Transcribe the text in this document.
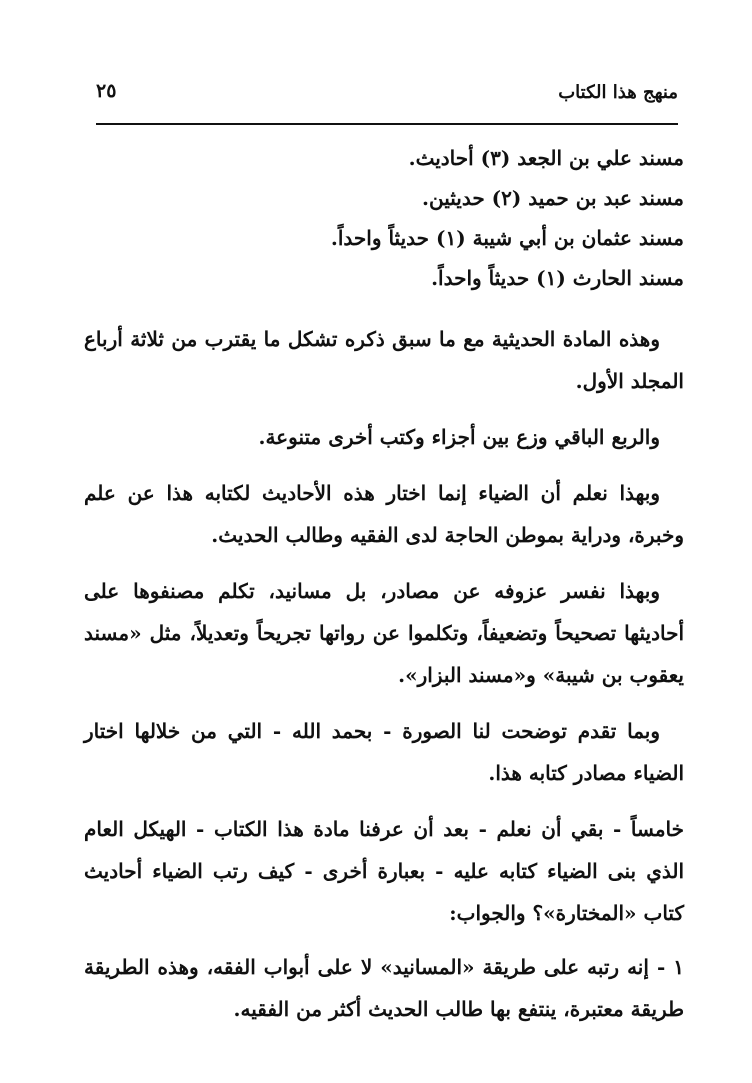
٢٥	منهج هذا الكتاب
مسند علي بن الجعد (٣) أحاديث.
مسند عبد بن حميد (٢) حديثين.
مسند عثمان بن أبي شيبة (١) حديثاً واحداً.
مسند الحارث (١) حديثاً واحداً.

وهذه المادة الحديثية مع ما سبق ذكره تشكل ما يقترب من ثلاثة أرباع المجلد الأول.

والربع الباقي وزع بين أجزاء وكتب أخرى متنوعة.

وبهذا نعلم أن الضياء إنما اختار هذه الأحاديث لكتابه هذا عن علم وخبرة، ودراية بموطن الحاجة لدى الفقيه وطالب الحديث.

وبهذا نفسر عزوفه عن مصادر، بل مسانيد، تكلم مصنفوها على أحاديثها تصحيحاً وتضعيفاً، وتكلموا عن رواتها تجريحاً وتعديلاً، مثل «مسند يعقوب بن شيبة» و«مسند البزار».

وبما تقدم توضحت لنا الصورة - بحمد الله - التي من خلالها اختار الضياء مصادر كتابه هذا.

خامساً - بقي أن نعلم - بعد أن عرفنا مادة هذا الكتاب - الهيكل العام الذي بنى الضياء كتابه عليه - بعبارة أخرى - كيف رتب الضياء أحاديث كتاب «المختارة»؟ والجواب:

١ - إنه رتبه على طريقة «المسانيد» لا على أبواب الفقه، وهذه الطريقة طريقة معتبرة، ينتفع بها طالب الحديث أكثر من الفقيه.
